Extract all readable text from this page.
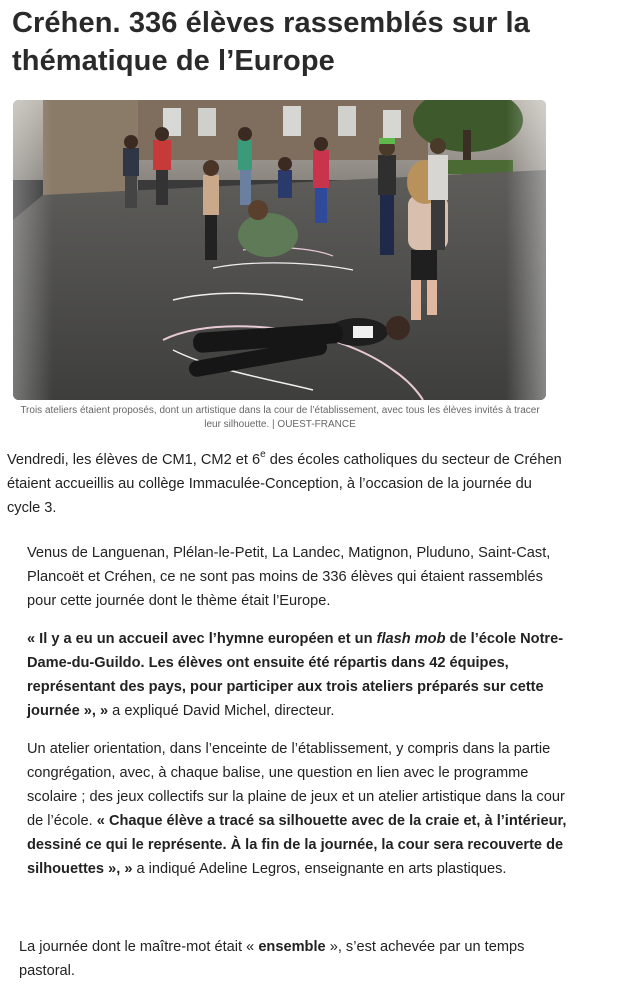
Créhen. 336 élèves rassemblés sur la thématique de l’Europe

Trois ateliers étaient proposés, dont un artistique dans la cour de l’établissement, avec tous les élèves invités à tracer leur silhouette. | OUEST-FRANCE

Vendredi, les élèves de CM1, CM2 et 6e des écoles catholiques du secteur de Créhen étaient accueillis au collège Immaculée-Conception, à l’occasion de la journée du cycle 3.

Venus de Languenan, Plélan-le-Petit, La Landec, Matignon, Pluduno, Saint-Cast, Plancoët et Créhen, ce ne sont pas moins de 336 élèves qui étaient rassemblés pour cette journée dont le thème était l’Europe.

« Il y a eu un accueil avec l’hymne européen et un flash mob de l’école Notre-Dame-du-Guildo. Les élèves ont ensuite été répartis dans 42 équipes, représentant des pays, pour participer aux trois ateliers préparés sur cette journée », » a expliqué David Michel, directeur.

Un atelier orientation, dans l’enceinte de l’établissement, y compris dans la partie congrégation, avec, à chaque balise, une question en lien avec le programme scolaire ; des jeux collectifs sur la plaine de jeux et un atelier artistique dans la cour de l’école. « Chaque élève a tracé sa silhouette avec de la craie et, à l’intérieur, dessiné ce qui le représente. À la fin de la journée, la cour sera recouverte de silhouettes », » a indiqué Adeline Legros, enseignante en arts plastiques.

La journée dont le maître-mot était « ensemble », s’est achevée par un temps pastoral.
